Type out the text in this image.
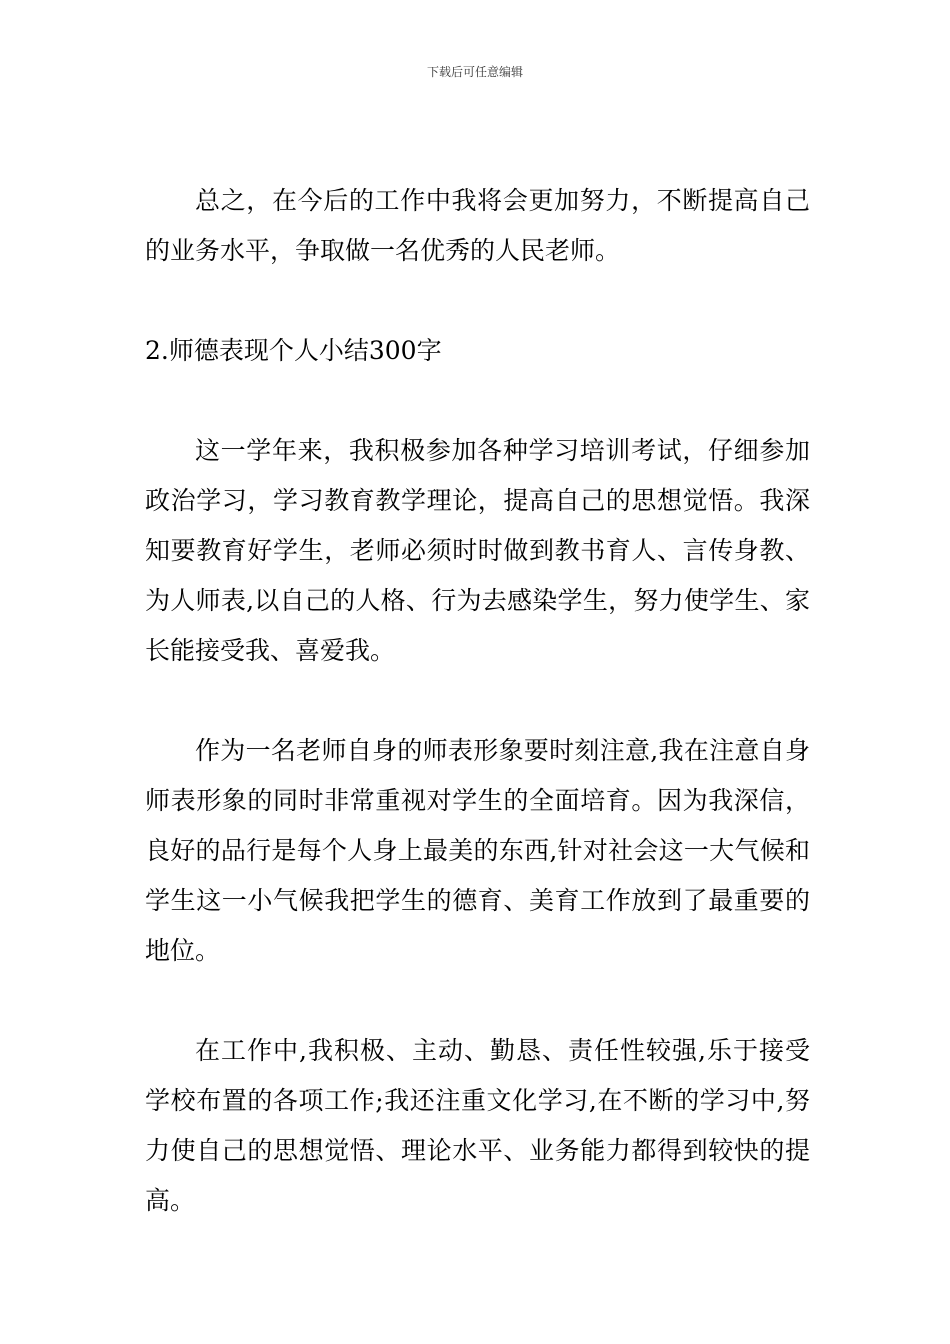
下载后可任意编辑

总之，在今后的工作中我将会更加努力，不断提高自己的业务水平，争取做一名优秀的人民老师。

2.师德表现个人小结300字

这一学年来，我积极参加各种学习培训考试，仔细参加政治学习，学习教育教学理论，提高自己的思想觉悟。我深知要教育好学生，老师必须时时做到教书育人、言传身教、为人师表,以自己的人格、行为去感染学生，努力使学生、家长能接受我、喜爱我。

作为一名老师自身的师表形象要时刻注意,我在注意自身师表形象的同时非常重视对学生的全面培育。因为我深信，良好的品行是每个人身上最美的东西,针对社会这一大气候和学生这一小气候我把学生的德育、美育工作放到了最重要的地位。

在工作中,我积极、主动、勤恳、责任性较强,乐于接受学校布置的各项工作;我还注重文化学习,在不断的学习中,努力使自己的思想觉悟、理论水平、业务能力都得到较快的提高。
